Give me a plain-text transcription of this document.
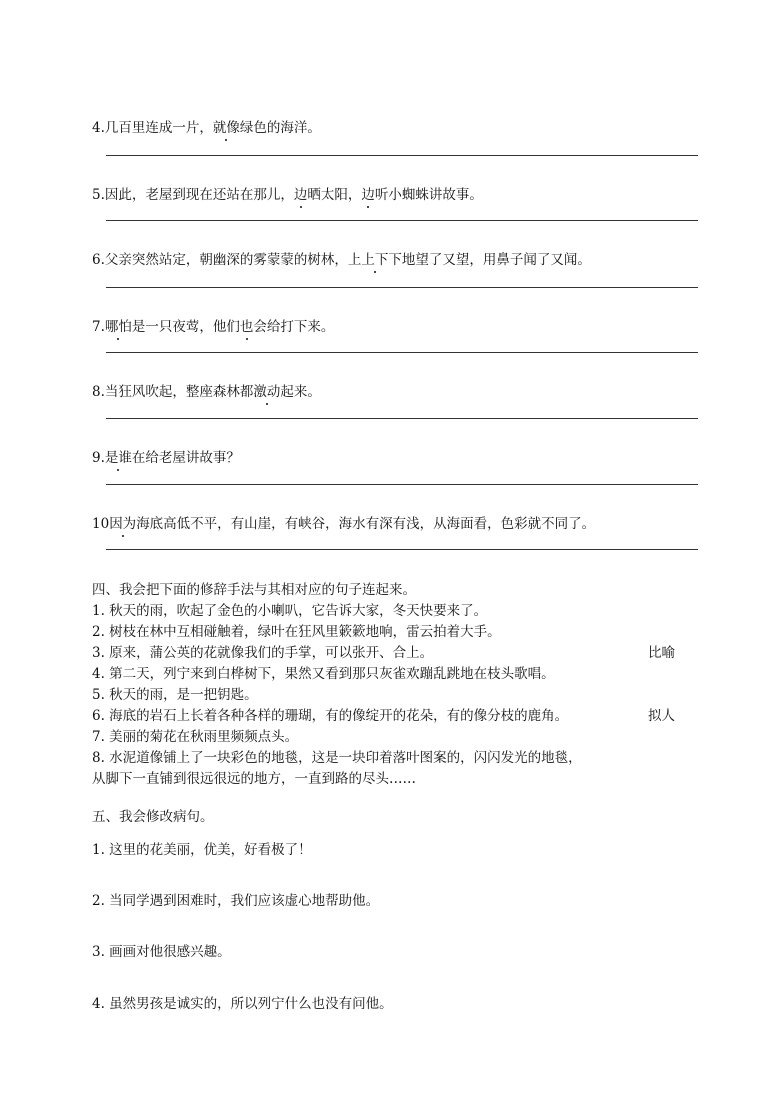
4.几百里连成一片，就像绿色的海洋。
5.因此，老屋到现在还站在那儿，边晒太阳，边听小蜘蛛讲故事。
6.父亲突然站定，朝幽深的雾蒙蒙的树林，上上下下地望了又望，用鼻子闻了又闻。
7.哪怕是一只夜莺，他们也会给打下来。
8.当狂风吹起，整座森林都激动起来。
9.是谁在给老屋讲故事？
10因为海底高低不平，有山崖，有峡谷，海水有深有浅，从海面看，色彩就不同了。
四、我会把下面的修辞手法与其相对应的句子连起来。
1. 秋天的雨，吹起了金色的小喇叭，它告诉大家，冬天快要来了。
2. 树枝在林中互相碰触着，绿叶在狂风里簌簌地响，雷云拍着大手。
3. 原来，蒲公英的花就像我们的手掌，可以张开、合上。	比喻
4. 第二天，列宁来到白桦树下，果然又看到那只灰雀欢蹦乱跳地在枝头歌唱。
5. 秋天的雨，是一把钥匙。
6. 海底的岩石上长着各种各样的珊瑚，有的像绽开的花朵，有的像分枝的鹿角。	拟人
7. 美丽的菊花在秋雨里频频点头。
8. 水泥道像铺上了一块彩色的地毯，这是一块印着落叶图案的，闪闪发光的地毯，
从脚下一直铺到很远很远的地方，一直到路的尽头……
五、我会修改病句。
1. 这里的花美丽，优美，好看极了！
2. 当同学遇到困难时，我们应该虚心地帮助他。
3. 画画对他很感兴趣。
4. 虽然男孩是诚实的，所以列宁什么也没有问他。
